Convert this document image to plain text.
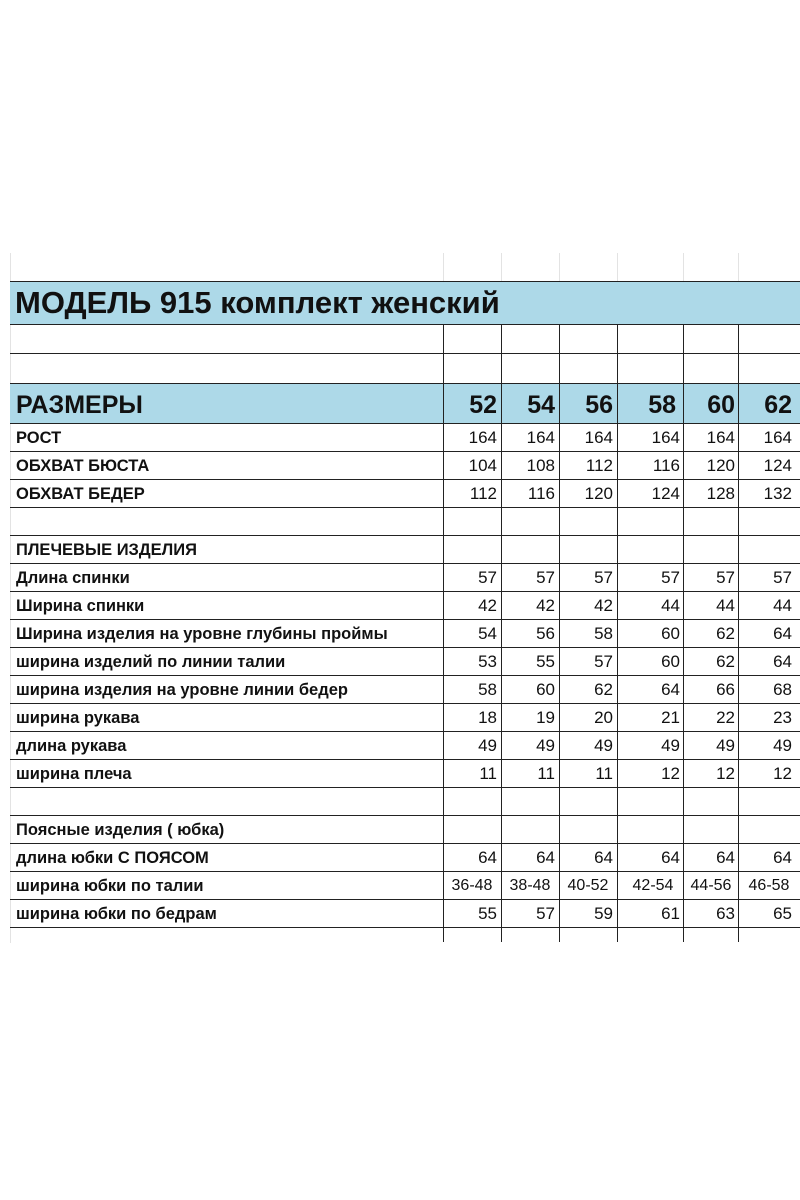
МОДЕЛЬ 915 комплект женский
РАЗМЕРЫ	52	54	56	58	60	62
РОСТ	164	164	164	164	164	164
ОБХВАТ БЮСТА	104	108	112	116	120	124
ОБХВАТ БЕДЕР	112	116	120	124	128	132
ПЛЕЧЕВЫЕ ИЗДЕЛИЯ
Длина спинки	57	57	57	57	57	57
Ширина спинки	42	42	42	44	44	44
Ширина изделия на уровне глубины проймы	54	56	58	60	62	64
ширина изделий по линии талии	53	55	57	60	62	64
ширина изделия на уровне линии бедер	58	60	62	64	66	68
ширина рукава	18	19	20	21	22	23
длина рукава	49	49	49	49	49	49
ширина плеча	11	11	11	12	12	12
Поясные изделия ( юбка)
длина юбки С ПОЯСОМ	64	64	64	64	64	64
ширина юбки по талии	36-48	38-48	40-52	42-54	44-56	46-58
ширина юбки по бедрам	55	57	59	61	63	65
